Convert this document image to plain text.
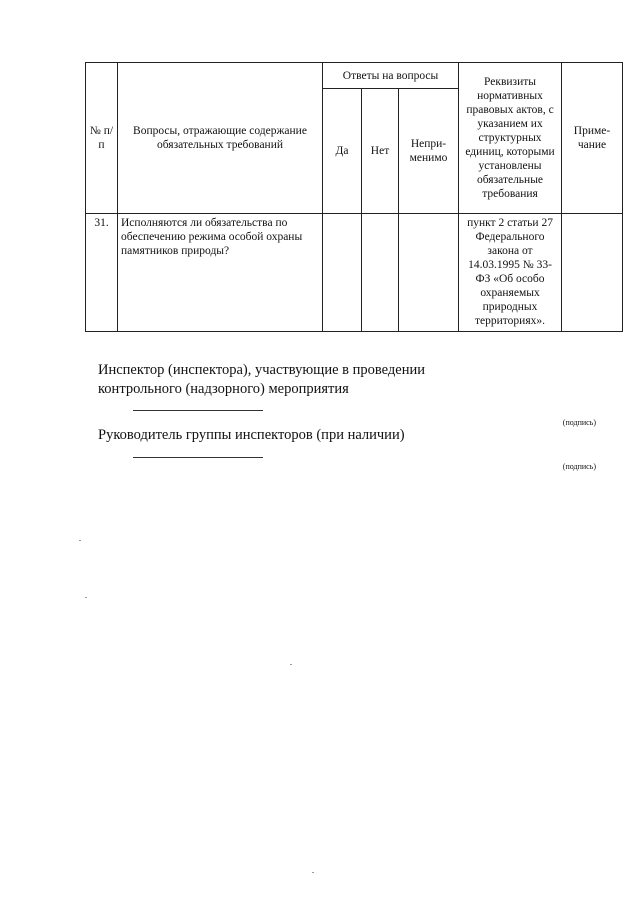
№ п/п	Вопросы, отражающие содержание обязательных требований	Ответы на вопросы			Реквизиты нормативных правовых актов, с указанием их структурных единиц, которыми установлены обязательные требования	Приме-чание
		Да	Нет	Непри-менимо		
31.	Исполняются ли обязательства по обеспечению режима особой охраны памятников природы?				пункт 2 статьи 27 Федерального закона от 14.03.1995 № 33-ФЗ «Об особо охраняемых природных территориях».	
Инспектор (инспектора), участвующие в проведении
контрольного (надзорного) мероприятия
(подпись)
Руководитель группы инспекторов (при наличии)
(подпись)
